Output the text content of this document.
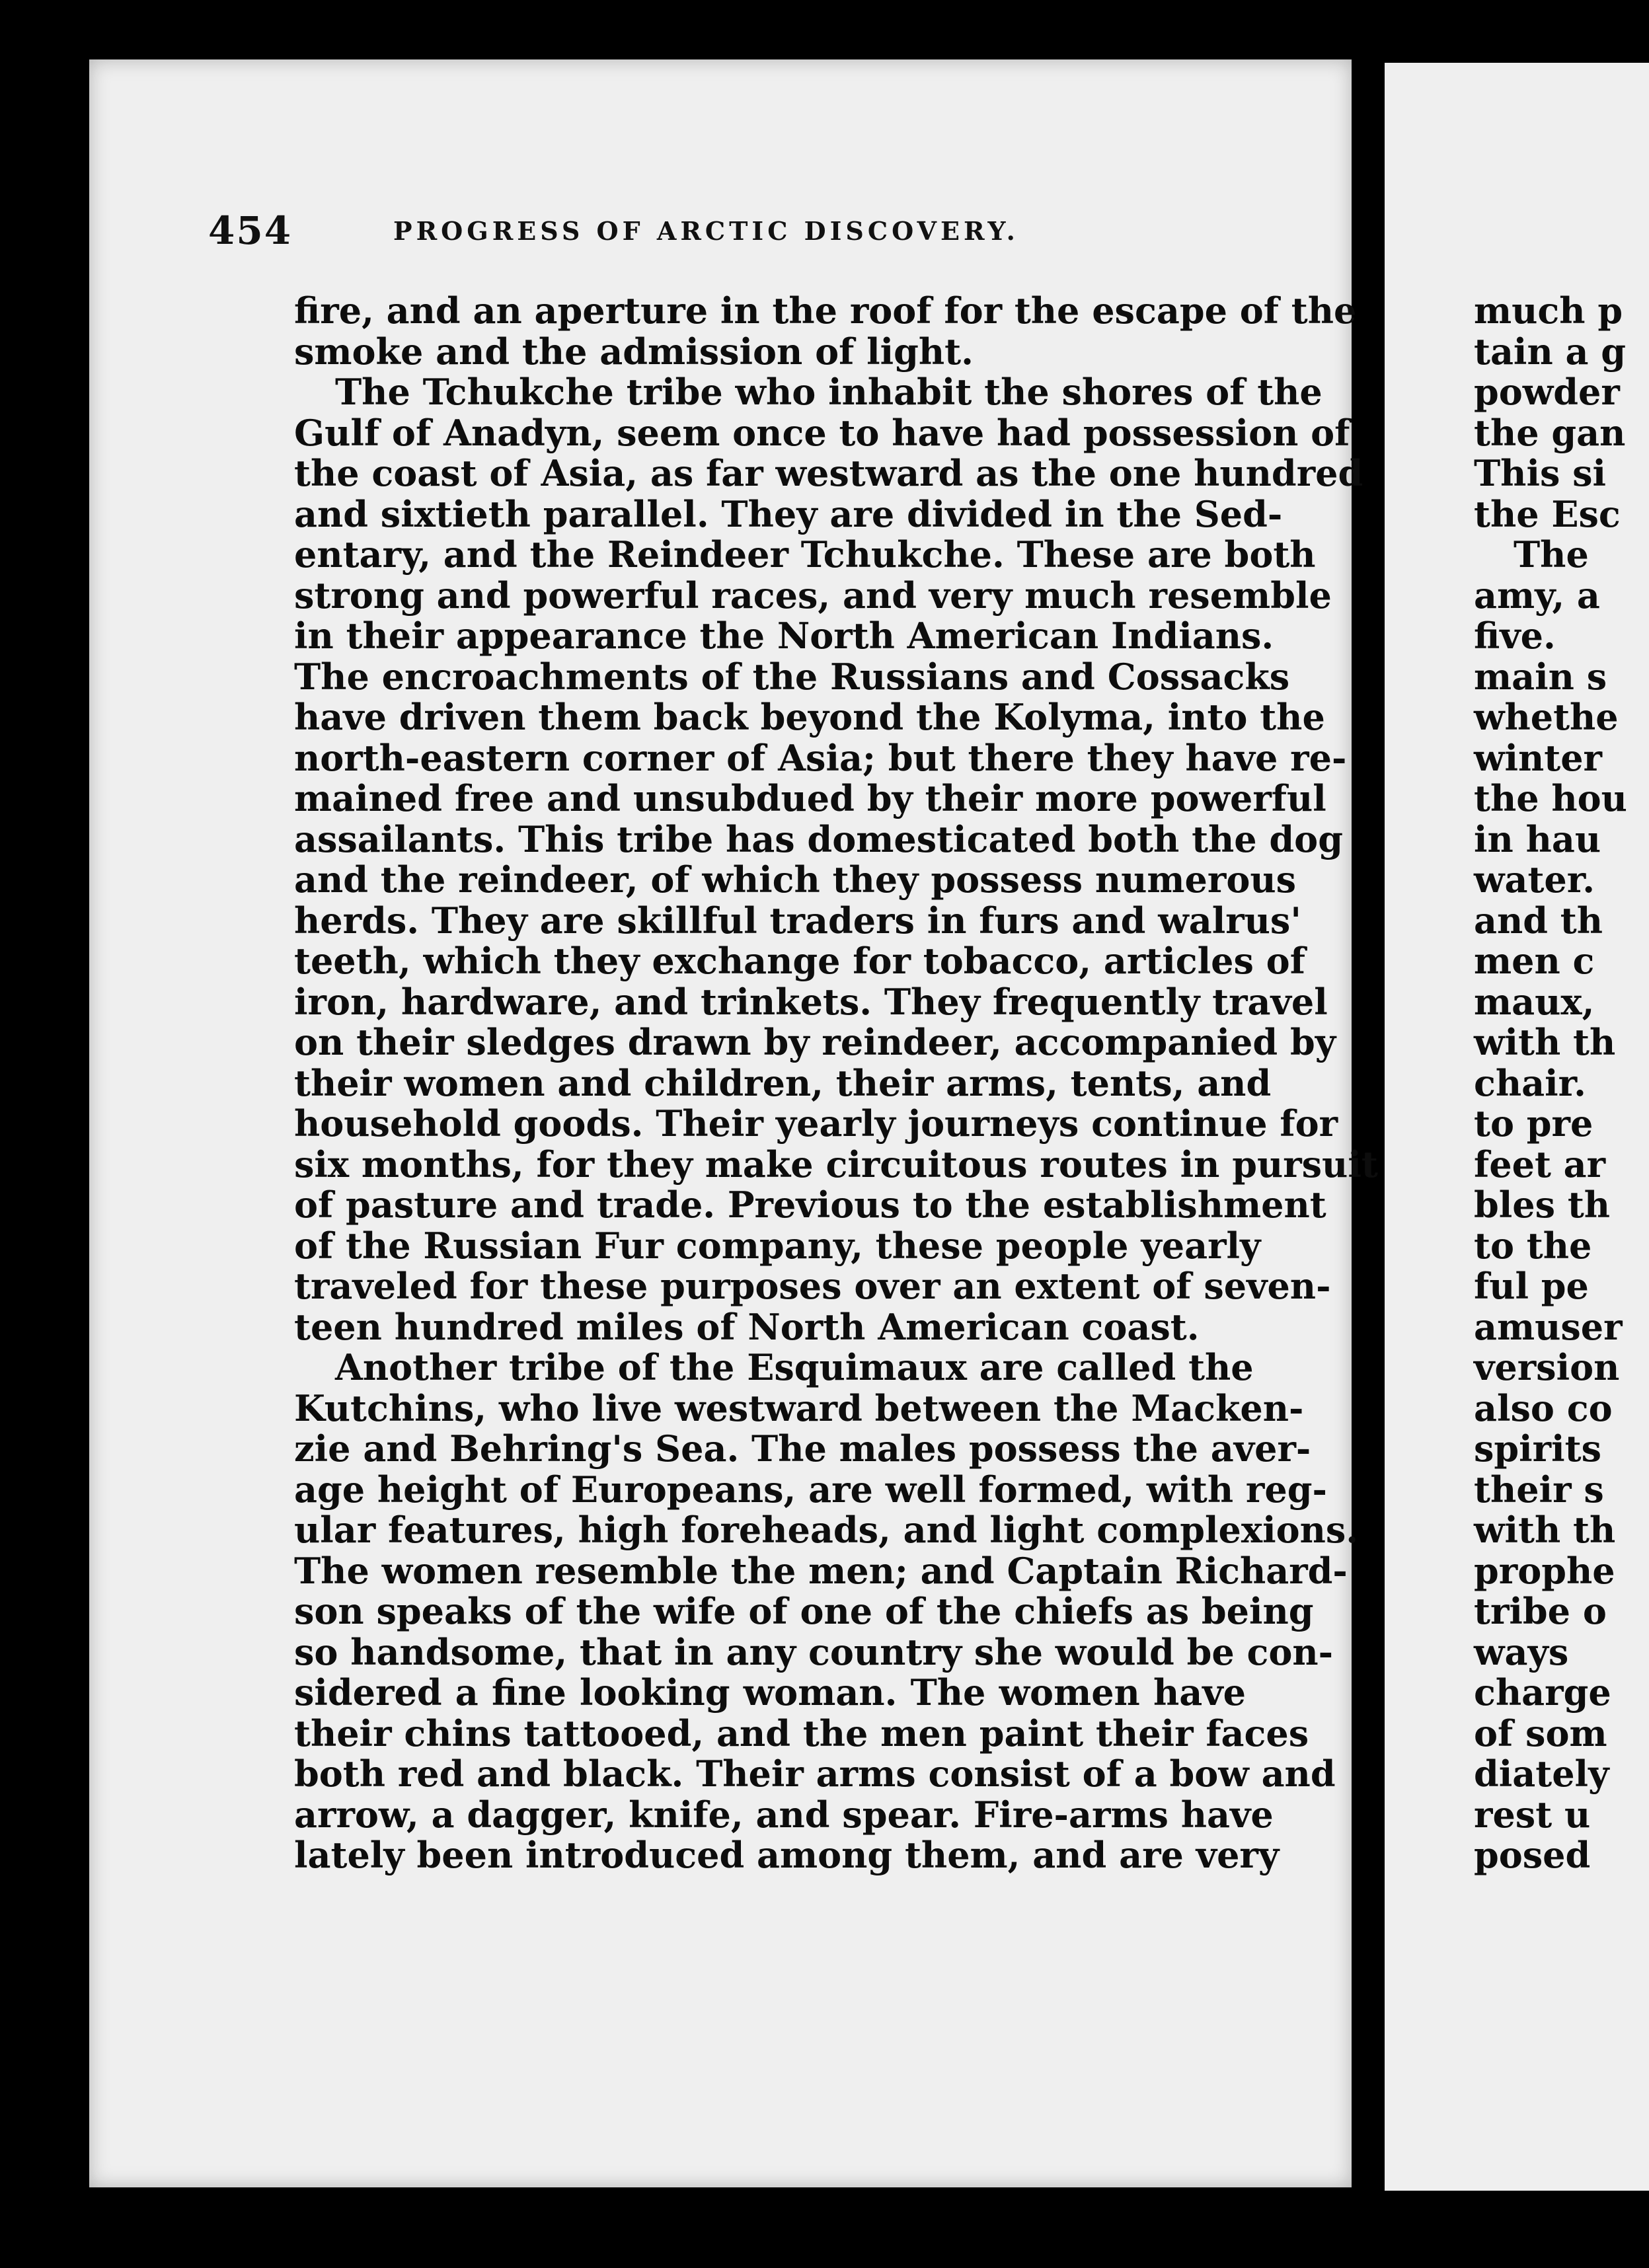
454	PROGRESS OF ARCTIC DISCOVERY.
fire, and an aperture in the roof for the escape of the
smoke and the admission of light.
The Tchukche tribe who inhabit the shores of the
Gulf of Anadyn, seem once to have had possession of
the coast of Asia, as far westward as the one hundred
and sixtieth parallel. They are divided in the Sed-
entary, and the Reindeer Tchukche. These are both
strong and powerful races, and very much resemble
in their appearance the North American Indians.
The encroachments of the Russians and Cossacks
have driven them back beyond the Kolyma, into the
north-eastern corner of Asia; but there they have re-
mained free and unsubdued by their more powerful
assailants. This tribe has domesticated both the dog
and the reindeer, of which they possess numerous
herds. They are skillful traders in furs and walrus'
teeth, which they exchange for tobacco, articles of
iron, hardware, and trinkets. They frequently travel
on their sledges drawn by reindeer, accompanied by
their women and children, their arms, tents, and
household goods. Their yearly journeys continue for
six months, for they make circuitous routes in pursuit
of pasture and trade. Previous to the establishment
of the Russian Fur company, these people yearly
traveled for these purposes over an extent of seven-
teen hundred miles of North American coast.
Another tribe of the Esquimaux are called the
Kutchins, who live westward between the Macken-
zie and Behring's Sea. The males possess the aver-
age height of Europeans, are well formed, with reg-
ular features, high foreheads, and light complexions.
The women resemble the men; and Captain Richard-
son speaks of the wife of one of the chiefs as being
so handsome, that in any country she would be con-
sidered a fine looking woman. The women have
their chins tattooed, and the men paint their faces
both red and black. Their arms consist of a bow and
arrow, a dagger, knife, and spear. Fire-arms have
lately been introduced among them, and are very
much p
tain a g
powder
the gan
This si
the Esc
The
amy, a
five.
main s
whethe
winter
the hou
in hau
water.
and th
men c
maux,
with th
chair.
to pre
feet ar
bles th
to the
ful pe
amuser
version
also co
spirits
their s
with th
prophe
tribe o
ways
charge
of som
diately
rest u
posed
